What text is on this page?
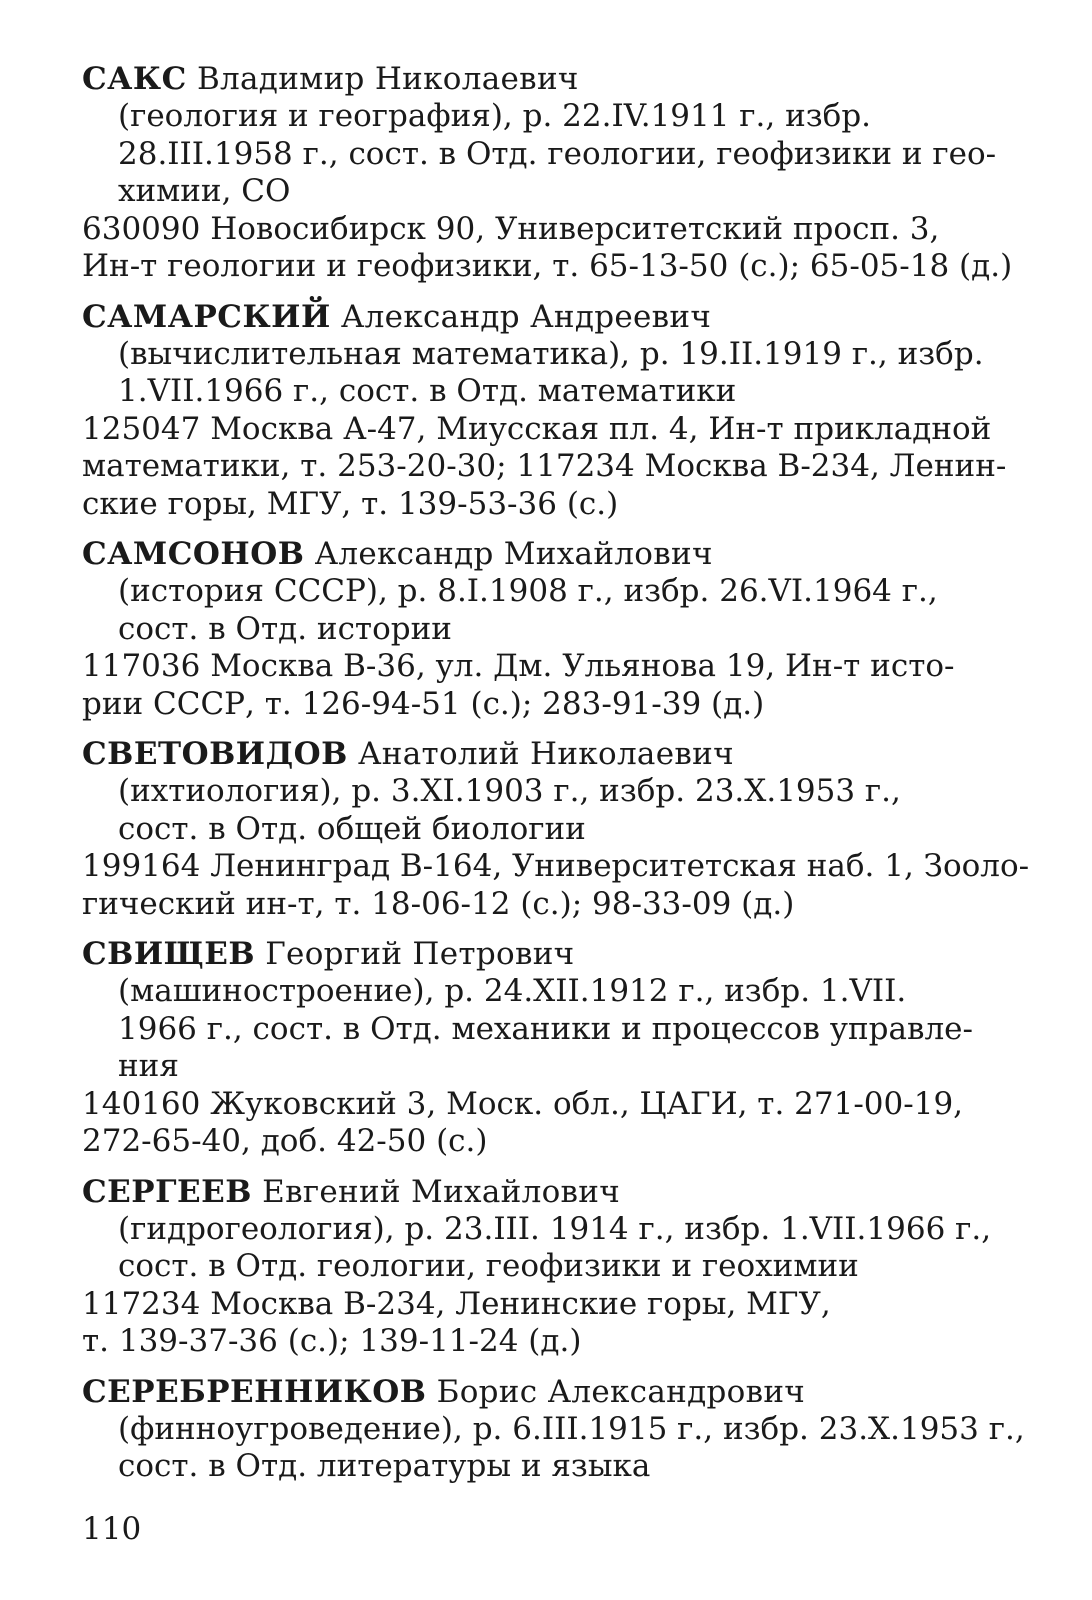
САКС Владимир Николаевич
(геология и география), р. 22.IV.1911 г., избр.
28.III.1958 г., сост. в Отд. геологии, геофизики и гео-
химии, СО
630090 Новосибирск 90, Университетский просп. 3,
Ин-т геологии и геофизики, т. 65-13-50 (с.); 65-05-18 (д.)
САМАРСКИЙ Александр Андреевич
(вычислительная математика), р. 19.II.1919 г., избр.
1.VII.1966 г., сост. в Отд. математики
125047 Москва А-47, Миусская пл. 4, Ин-т прикладной
математики, т. 253-20-30; 117234 Москва В-234, Ленин-
ские горы, МГУ, т. 139-53-36 (с.)
САМСОНОВ Александр Михайлович
(история СССР), р. 8.I.1908 г., избр. 26.VI.1964 г.,
сост. в Отд. истории
117036 Москва В-36, ул. Дм. Ульянова 19, Ин-т исто-
рии СССР, т. 126-94-51 (с.); 283-91-39 (д.)
СВЕТОВИДОВ Анатолий Николаевич
(ихтиология), р. 3.XI.1903 г., избр. 23.X.1953 г.,
сост. в Отд. общей биологии
199164 Ленинград В-164, Университетская наб. 1, Зооло-
гический ин-т, т. 18-06-12 (с.); 98-33-09 (д.)
СВИЩЕВ Георгий Петрович
(машиностроение), р. 24.XII.1912 г., избр. 1.VII.
1966 г., сост. в Отд. механики и процессов управле-
ния
140160 Жуковский 3, Моск. обл., ЦАГИ, т. 271-00-19,
272-65-40, доб. 42-50 (с.)
СЕРГЕЕВ Евгений Михайлович
(гидрогеология), р. 23.III. 1914 г., избр. 1.VII.1966 г.,
сост. в Отд. геологии, геофизики и геохимии
117234 Москва В-234, Ленинские горы, МГУ,
т. 139-37-36 (с.); 139-11-24 (д.)
СЕРЕБРЕННИКОВ Борис Александрович
(финноугроведение), р. 6.III.1915 г., избр. 23.X.1953 г.,
сост. в Отд. литературы и языка
110
